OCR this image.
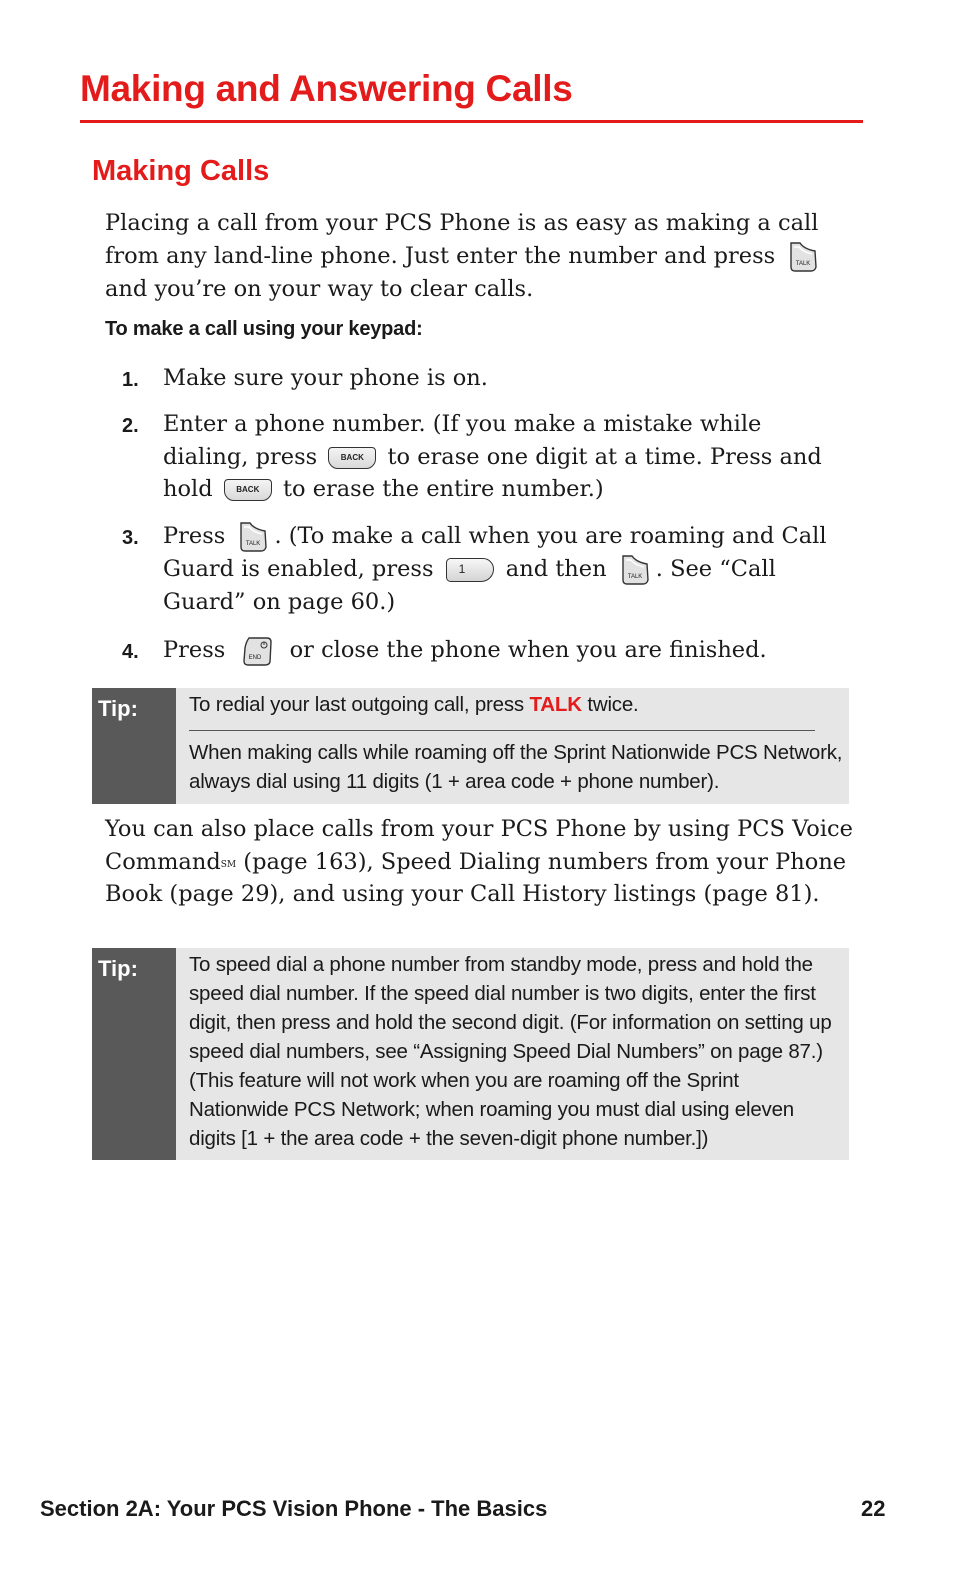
Making and Answering Calls
Making Calls

Placing a call from your PCS Phone is as easy as making a call from any land-line phone. Just enter the number and press TALK
and you’re on your way to clear calls.

To make a call using your keypad:

1. Make sure your phone is on.
2. Enter a phone number. (If you make a mistake while dialing, press BACK to erase one digit at a time. Press and hold BACK to erase the entire number.)
3. Press TALK . (To make a call when you are roaming and Call Guard is enabled, press 1 and then TALK . See “Call Guard” on page 60.)
4. Press	END or close the phone when you are finished.
Tip:	To redial your last outgoing call, press TALK twice.
When making calls while roaming off the Sprint Nationwide PCS Network, always dial using 11 digits (1 + area code + phone number).

You can also place calls from your PCS Phone by using PCS Voice Command℠ (page 163), Speed Dialing numbers from your Phone Book (page 29), and using your Call History listings (page 81).

Tip:	To speed dial a phone number from standby mode, press and hold the speed dial number. If the speed dial number is two digits, enter the first digit, then press and hold the second digit. (For information on setting up speed dial numbers, see “Assigning Speed Dial Numbers” on page 87.) (This feature will not work when you are roaming off the Sprint Nationwide PCS Network; when roaming you must dial using eleven digits [1 + the area code + the seven-digit phone number.])
Section 2A: Your PCS Vision Phone - The Basics	22
